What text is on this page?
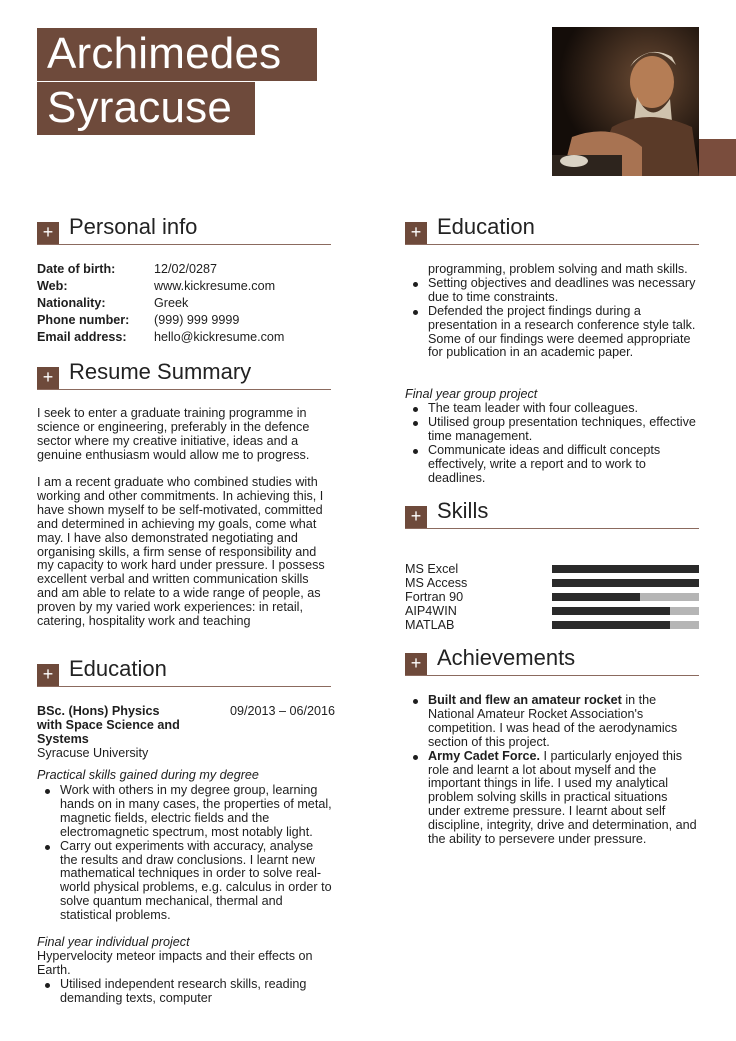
Archimedes
Syracuse
+ Personal info
Date of birth:	12/02/0287
Web:	www.kickresume.com
Nationality:	Greek
Phone number: (999) 999 9999
Email address: hello@kickresume.com
+ Resume Summary
I seek to enter a graduate training programme in science or engineering, preferably in the defence sector where my creative initiative, ideas and a genuine enthusiasm would allow me to progress.
I am a recent graduate who combined studies with working and other commitments. In achieving this, I have shown myself to be self-motivated, committed and determined in achieving my goals, come what may. I have also demonstrated negotiating and organising skills, a firm sense of responsibility and my capacity to work hard under pressure. I possess excellent verbal and written communication skills and am able to relate to a wide range of people, as proven by my varied work experiences: in retail, catering, hospitality work and teaching
+ Education
BSc. (Hons) Physics with Space Science and Systems
09/2013 – 06/2016
Syracuse University
Practical skills gained during my degree
Work with others in my degree group, learning hands on in many cases, the properties of metal, magnetic fields, electric fields and the electromagnetic spectrum, most notably light.
Carry out experiments with accuracy, analyse the results and draw conclusions. I learnt new mathematical techniques in order to solve real-world physical problems, e.g. calculus in order to solve quantum mechanical, thermal and statistical problems.
Final year individual project
Hypervelocity meteor impacts and their effects on Earth.
Utilised independent research skills, reading demanding texts, computer
+ Education
programming, problem solving and math skills.
Setting objectives and deadlines was necessary due to time constraints.
Defended the project findings during a presentation in a research conference style talk. Some of our findings were deemed appropriate for publication in an academic paper.
Final year group project
The team leader with four colleagues.
Utilised group presentation techniques, effective time management.
Communicate ideas and difficult concepts effectively, write a report and to work to deadlines.
+ Skills
MS Excel
MS Access
Fortran 90
AIP4WIN
MATLAB
+ Achievements
Built and flew an amateur rocket in the National Amateur Rocket Association's competition. I was head of the aerodynamics section of this project.
Army Cadet Force. I particularly enjoyed this role and learnt a lot about myself and the important things in life. I used my analytical problem solving skills in practical situations under extreme pressure. I learnt about self discipline, integrity, drive and determination, and the ability to persevere under pressure.
